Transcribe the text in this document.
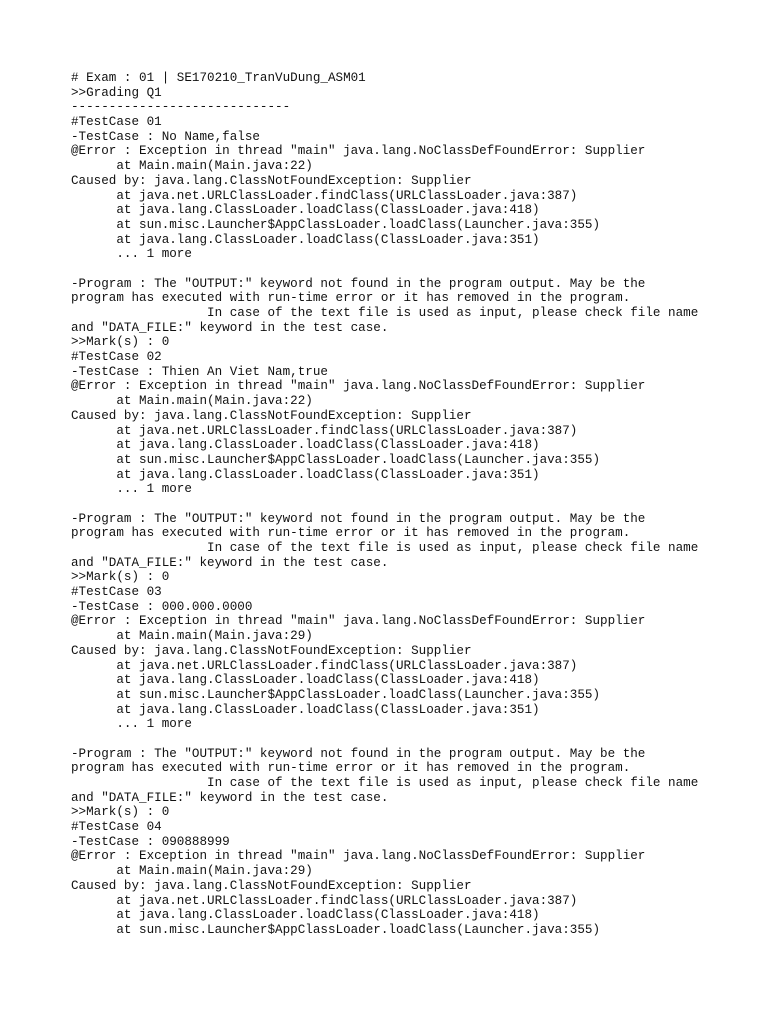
# Exam : 01 | SE170210_TranVuDung_ASM01
>>Grading Q1
-----------------------------
#TestCase 01
-TestCase : No Name,false
@Error : Exception in thread "main" java.lang.NoClassDefFoundError: Supplier
at Main.main(Main.java:22)
Caused by: java.lang.ClassNotFoundException: Supplier
at java.net.URLClassLoader.findClass(URLClassLoader.java:387)
at java.lang.ClassLoader.loadClass(ClassLoader.java:418)
at sun.misc.Launcher$AppClassLoader.loadClass(Launcher.java:355)
at java.lang.ClassLoader.loadClass(ClassLoader.java:351)
... 1 more
-Program : The "OUTPUT:" keyword not found in the program output. May be the
program has executed with run-time error or it has removed in the program.
In case of the text file is used as input, please check file name
and "DATA_FILE:" keyword in the test case.
>>Mark(s) : 0
#TestCase 02
-TestCase : Thien An Viet Nam,true
@Error : Exception in thread "main" java.lang.NoClassDefFoundError: Supplier
at Main.main(Main.java:22)
Caused by: java.lang.ClassNotFoundException: Supplier
at java.net.URLClassLoader.findClass(URLClassLoader.java:387)
at java.lang.ClassLoader.loadClass(ClassLoader.java:418)
at sun.misc.Launcher$AppClassLoader.loadClass(Launcher.java:355)
at java.lang.ClassLoader.loadClass(ClassLoader.java:351)
... 1 more
-Program : The "OUTPUT:" keyword not found in the program output. May be the
program has executed with run-time error or it has removed in the program.
In case of the text file is used as input, please check file name
and "DATA_FILE:" keyword in the test case.
>>Mark(s) : 0
#TestCase 03
-TestCase : 000.000.0000
@Error : Exception in thread "main" java.lang.NoClassDefFoundError: Supplier
at Main.main(Main.java:29)
Caused by: java.lang.ClassNotFoundException: Supplier
at java.net.URLClassLoader.findClass(URLClassLoader.java:387)
at java.lang.ClassLoader.loadClass(ClassLoader.java:418)
at sun.misc.Launcher$AppClassLoader.loadClass(Launcher.java:355)
at java.lang.ClassLoader.loadClass(ClassLoader.java:351)
... 1 more
-Program : The "OUTPUT:" keyword not found in the program output. May be the
program has executed with run-time error or it has removed in the program.
In case of the text file is used as input, please check file name
and "DATA_FILE:" keyword in the test case.
>>Mark(s) : 0
#TestCase 04
-TestCase : 090888999
@Error : Exception in thread "main" java.lang.NoClassDefFoundError: Supplier
at Main.main(Main.java:29)
Caused by: java.lang.ClassNotFoundException: Supplier
at java.net.URLClassLoader.findClass(URLClassLoader.java:387)
at java.lang.ClassLoader.loadClass(ClassLoader.java:418)
at sun.misc.Launcher$AppClassLoader.loadClass(Launcher.java:355)
